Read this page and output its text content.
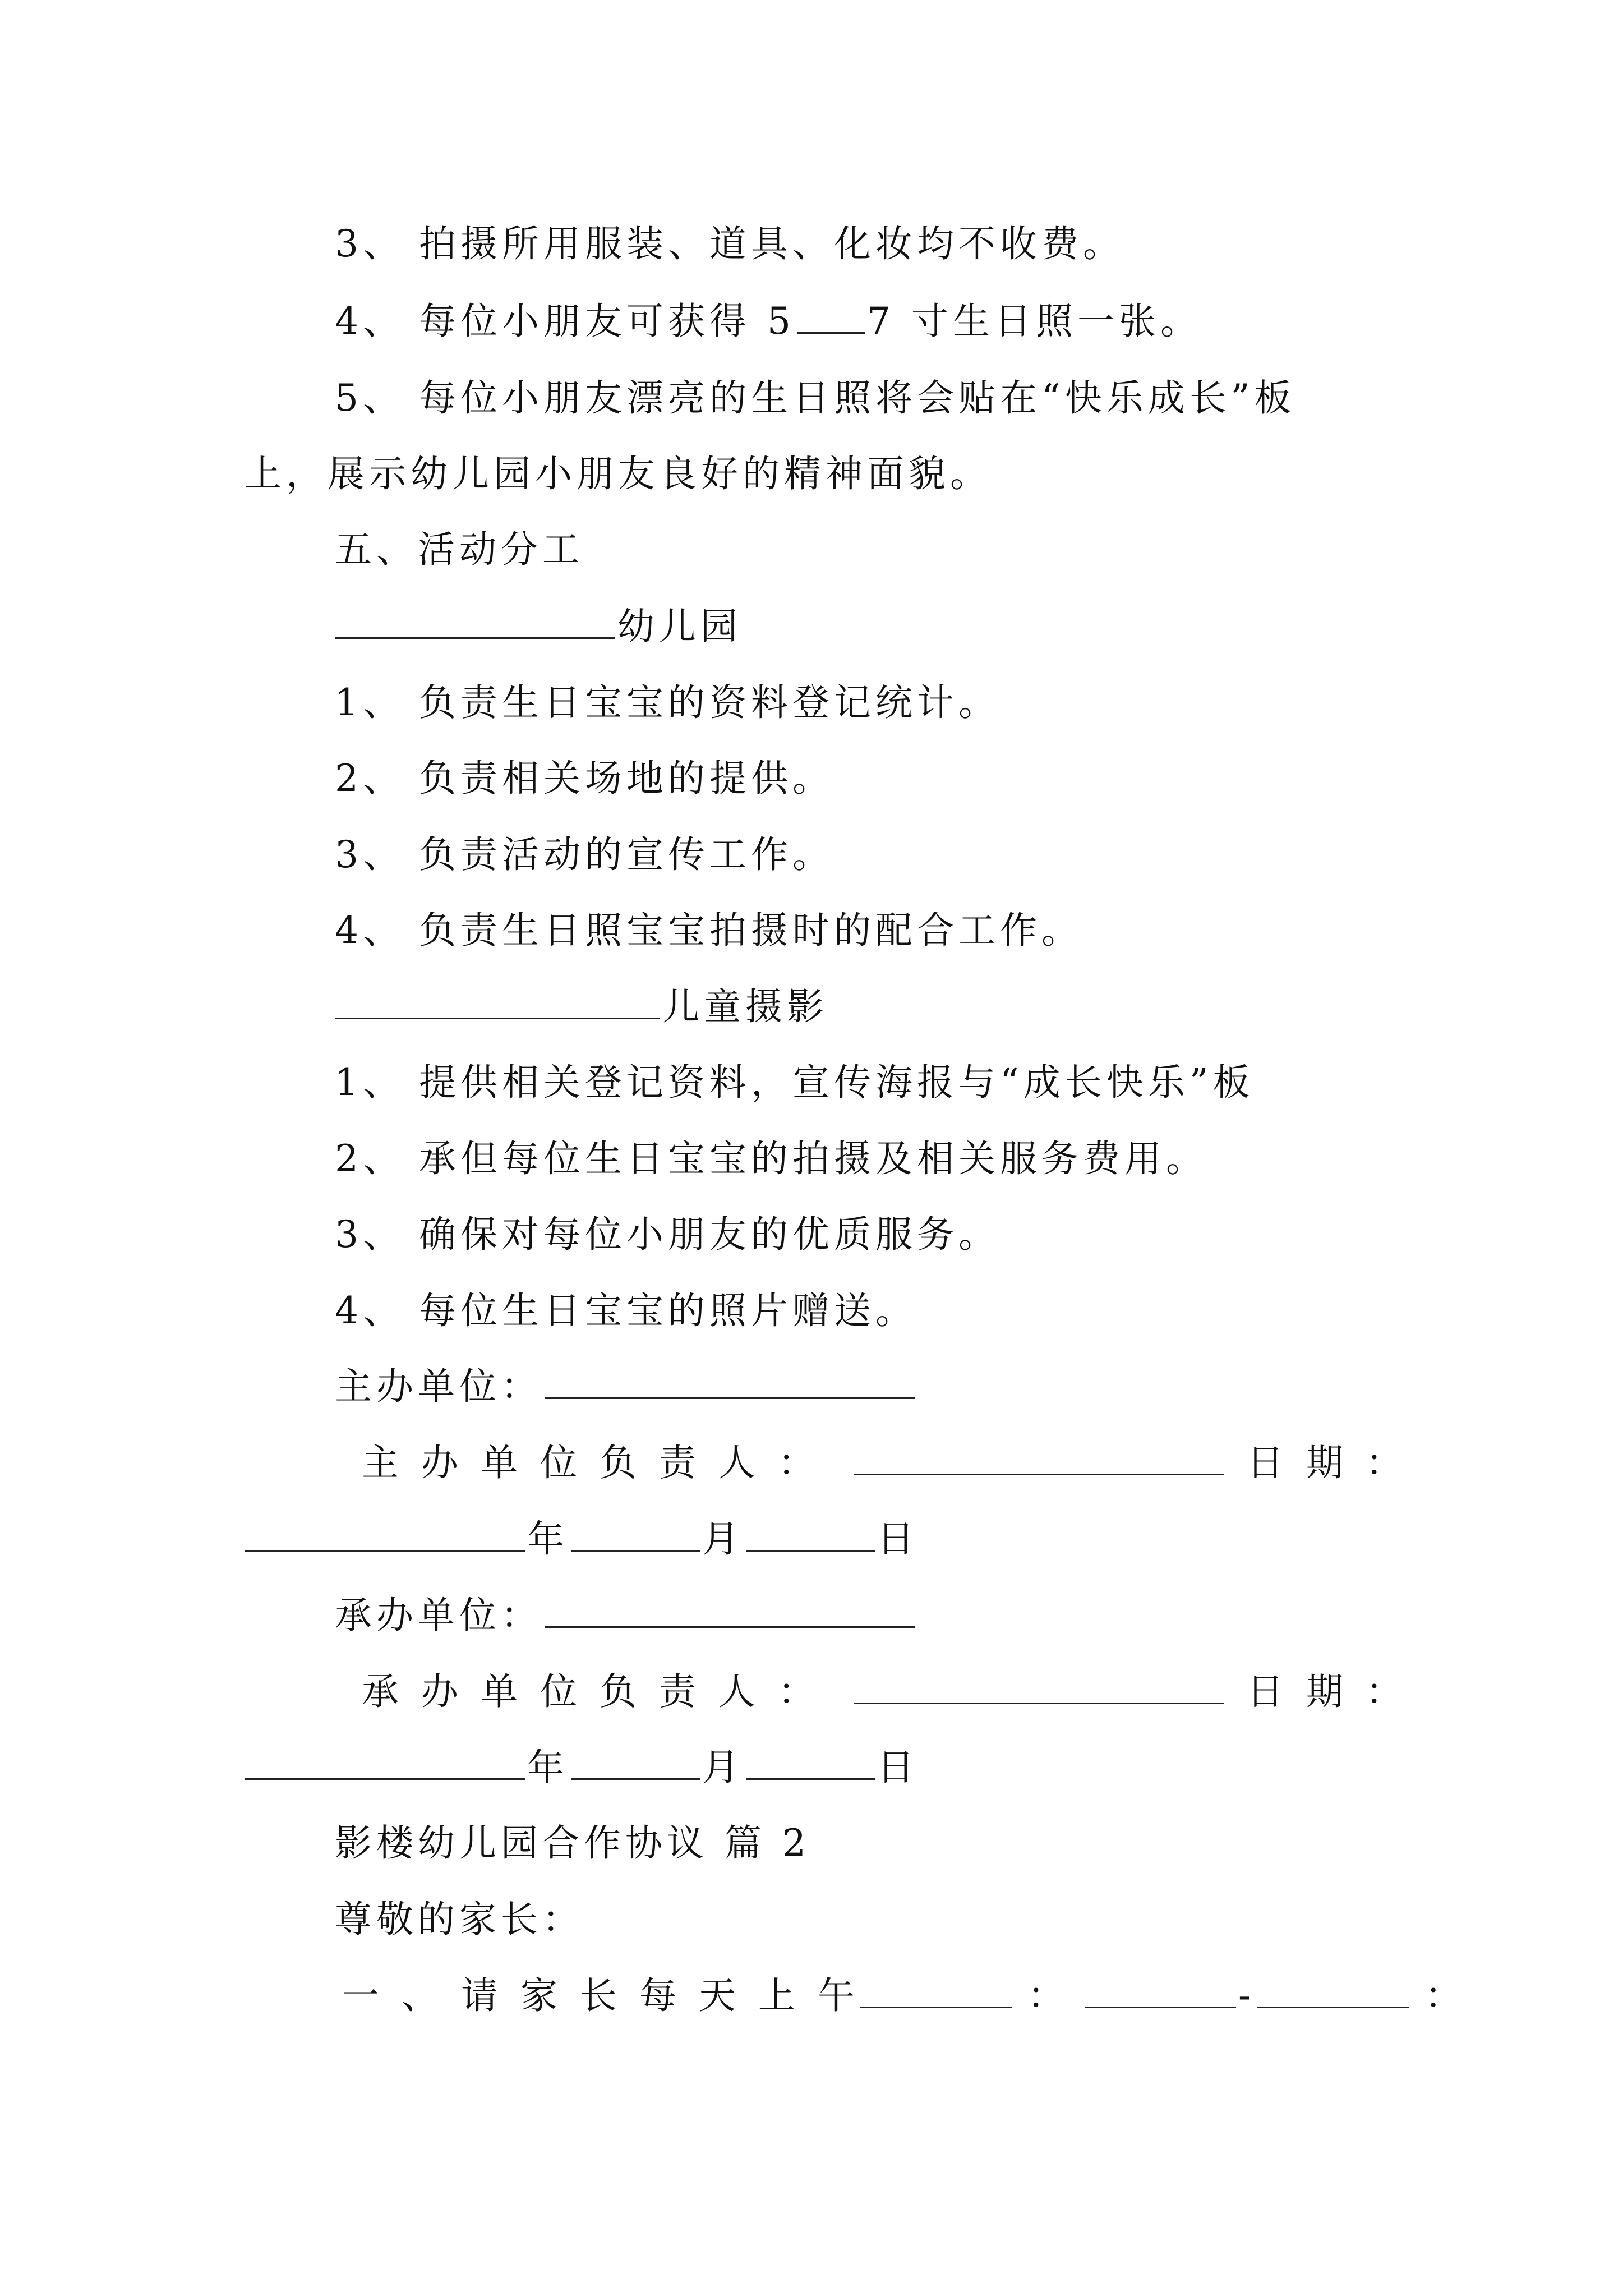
3、 拍摄所用服装、道具、化妆均不收费。
4、 每位小朋友可获得 5 7 寸生日照一张。
5、 每位小朋友漂亮的生日照将会贴在“快乐成长”板
上，展示幼儿园小朋友良好的精神面貌。
五、活动分工
幼儿园
1、 负责生日宝宝的资料登记统计。
2、 负责相关场地的提供。
3、 负责活动的宣传工作。
4、 负责生日照宝宝拍摄时的配合工作。
儿童摄影
1、 提供相关登记资料，宣传海报与“成长快乐”板
2、 承但每位生日宝宝的拍摄及相关服务费用。
3、 确保对每位小朋友的优质服务。
4、 每位生日宝宝的照片赠送。
主办单位：
主办单位负责人：	日期：
年	月	日
承办单位：
承办单位负责人：	日期：
年	月	日
影楼幼儿园合作协议 篇 2
尊敬的家长：
一、请家长每天上午	：	-	：
